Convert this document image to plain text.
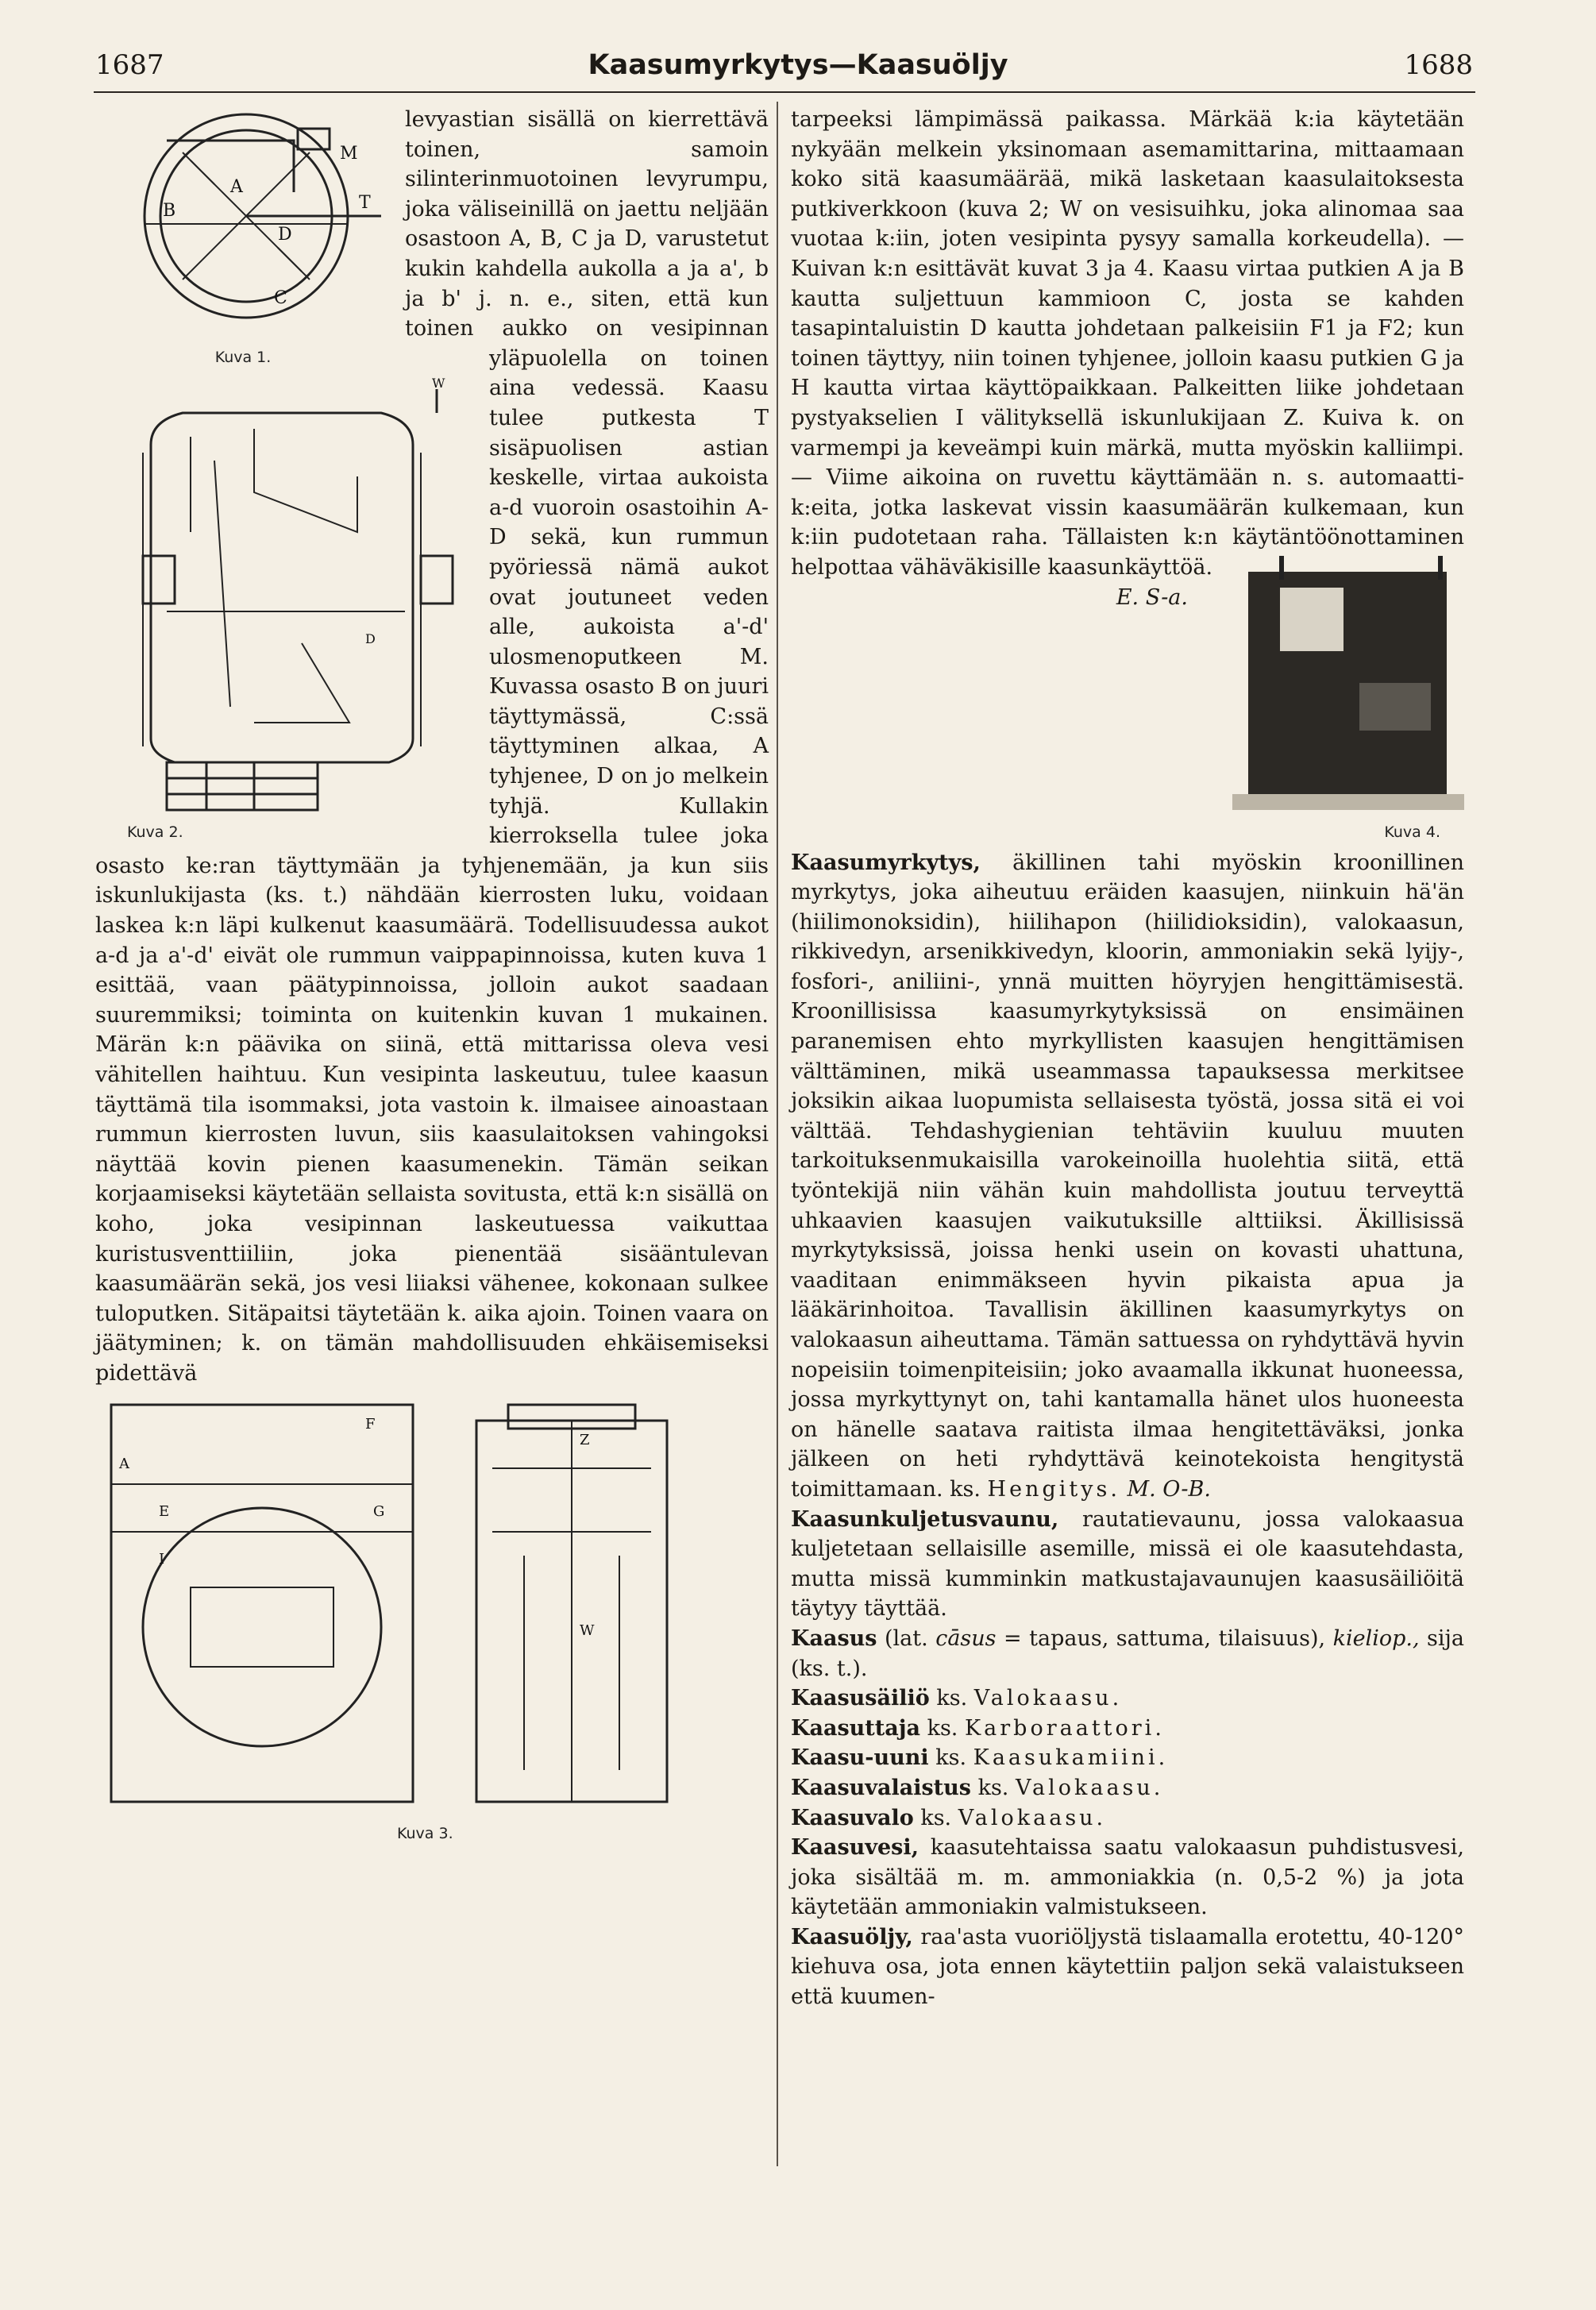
1687	Kaasumyrkytys—Kaasuöljy	1688
M
A
B	T
C
D
Kuva 1.
W
D
Kuva 2.

levyastian sisällä on kierrettävä toinen, samoin silinterinmuotoinen levyrumpu, joka väliseinillä on jaettu neljään osastoon A, B, C ja D, varustetut kukin kahdella aukolla a ja a', b ja b' j. n. e., siten, että kun toinen aukko on vesipinnan yläpuolella on toinen aina vedessä. Kaasu tulee putkesta T sisäpuolisen astian keskelle, virtaa aukoista a-d vuoroin osastoihin A-D sekä, kun rummun pyöriessä nämä aukot ovat joutuneet veden alle, aukoista a'-d' ulosmenoputkeen M. Kuvassa osasto B on juuri täyttymässä, C:ssä täyttyminen alkaa, A tyhjenee, D on jo melkein tyhjä. Kullakin kierroksella tulee joka osasto ke:ran täyttymään ja tyhjenemään, ja kun siis iskunlukijasta (ks. t.) nähdään kierrosten luku, voidaan laskea k:n läpi kulkenut kaasumäärä. Todellisuudessa aukot a-d ja a'-d' eivät ole rummun vaippapinnoissa, kuten kuva 1 esittää, vaan päätypinnoissa, jolloin aukot saadaan suuremmiksi; toiminta on kuitenkin kuvan 1 mukainen. Märän k:n päävika on siinä, että mittarissa oleva vesi vähitellen haihtuu. Kun vesipinta laskeutuu, tulee kaasun täyttämä tila isommaksi, jota vastoin k. ilmaisee ainoastaan rummun kierrosten luvun, siis kaasulaitoksen vahingoksi näyttää kovin pienen kaasumenekin. Tämän seikan korjaamiseksi käytetään sellaista sovitusta, että k:n sisällä on koho, joka vesipinnan laskeutuessa vaikuttaa kuristusventtiiliin, joka pienentää sisääntulevan kaasumäärän sekä, jos vesi liiaksi vähenee, kokonaan sulkee tuloputken. Sitäpaitsi täytetään k. aika ajoin. Toinen vaara on jäätyminen; k. on tämän mahdollisuuden ehkäisemiseksi pidettävä

A
F
G
E
I
Z
W
Kuva 3.

tarpeeksi lämpimässä paikassa. Märkää k:ia käytetään nykyään melkein yksinomaan asemamittarina, mittaamaan koko sitä kaasumäärää, mikä lasketaan kaasulaitoksesta putkiverkkoon (kuva 2; W on vesisuihku, joka alinomaa saa vuotaa k:iin, joten vesipinta pysyy samalla korkeudella). — Kuivan k:n esittävät kuvat 3 ja 4. Kaasu virtaa putkien A ja B kautta suljettuun kammioon C, josta se kahden tasapintaluistin D kautta johdetaan palkeisiin F1 ja F2; kun toinen täyttyy, niin toinen tyhjenee, jolloin kaasu putkien G ja H kautta virtaa käyttöpaikkaan. Palkeitten liike johdetaan pystyakselien I välityksellä iskunlukijaan Z. Kuiva k. on varmempi ja keveämpi kuin märkä, mutta myöskin kalliimpi. — Viime aikoina on ruvettu käyttämään n. s. automaatti-k:eita, jotka laskevat vissin kaasumäärän kulkemaan, kun k:iin pudotetaan raha. Tällaisten k:n käytäntöönottaminen helpottaa vähäväkisille kaasunkäyttöä.
Kuva 4.
E. S-a.

Kaasumyrkytys, äkillinen tahi myöskin kroonillinen myrkytys, joka aiheutuu eräiden kaasujen, niinkuin hä'än (hiilimonoksidin), hiilihapon (hiilidioksidin), valokaasun, rikkivedyn, arsenikkivedyn, kloorin, ammoniakin sekä lyijy-, fosfori-, aniliini-, ynnä muitten höyryjen hengittämisestä. Kroonillisissa kaasumyrkytyksissä on ensimäinen paranemisen ehto myrkyllisten kaasujen hengittämisen välttäminen, mikä useammassa tapauksessa merkitsee joksikin aikaa luopumista sellaisesta työstä, jossa sitä ei voi välttää. Tehdashygienian tehtäviin kuuluu muuten tarkoituksenmukaisilla varokeinoilla huolehtia siitä, että työntekijä niin vähän kuin mahdollista joutuu terveyttä uhkaavien kaasujen vaikutuksille alttiiksi. Äkillisissä myrkytyksissä, joissa henki usein on kovasti uhattuna, vaaditaan enimmäkseen hyvin pikaista apua ja lääkärinhoitoa. Tavallisin äkillinen kaasumyrkytys on valokaasun aiheuttama. Tämän sattuessa on ryhdyttävä hyvin nopeisiin toimenpiteisiin; joko avaamalla ikkunat huoneessa, jossa myrkyttynyt on, tahi kantamalla hänet ulos huoneesta on hänelle saatava raitista ilmaa hengitettäväksi, jonka jälkeen on heti ryhdyttävä keinotekoista hengitystä toimittamaan. ks. Hengitys. M. O-B.

Kaasunkuljetusvaunu, rautatievaunu, jossa valokaasua kuljetetaan sellaisille asemille, missä ei ole kaasutehdasta, mutta missä kumminkin matkustajavaunujen kaasusäiliöitä täytyy täyttää.

Kaasus (lat. cāsus = tapaus, sattuma, tilaisuus), kieliop., sija (ks. t.).

Kaasusäiliö ks. Valokaasu.

Kaasuttaja ks. Karboraattori.

Kaasu-uuni ks. Kaasukamiini.

Kaasuvalaistus ks. Valokaasu.

Kaasuvalo ks. Valokaasu.

Kaasuvesi, kaasutehtaissa saatu valokaasun puhdistusvesi, joka sisältää m. m. ammoniakkia (n. 0,5-2 %) ja jota käytetään ammoniakin valmistukseen.

Kaasuöljy, raa'asta vuoriöljystä tislaamalla erotettu, 40-120° kiehuva osa, jota ennen käytettiin paljon sekä valaistukseen että kuumen-
